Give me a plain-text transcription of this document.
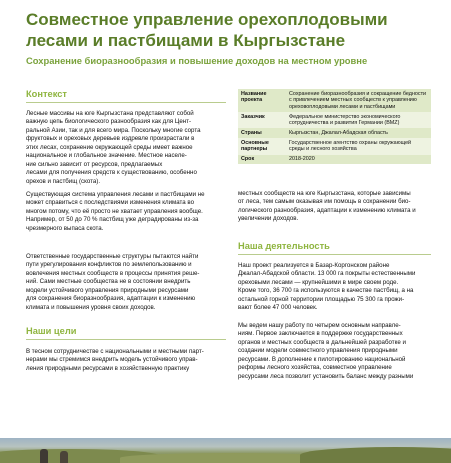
Совместное управление орехоплодовыми
лесами и пастбищами в Кыргызстане

Сохранение биоразнообразия и повышение доходов на местном уровне

Контекст

Лесные массивы на юге Кыргызстана представляют собой
важную цепь биологического разнообразия как для Цент-
ральной Азии, так и для всего мира. Поскольку многие сорта
фруктовых и ореховых деревьев издревле произрастали в
этих лесах, сохранение окружающей среды имеет важное
национальное и глобальное значение. Местное населе-
ние сильно зависит от ресурсов, предлагаемых
лесами для получения средств к существованию, особенно
орехов и пастбищ (скота).

Существующая система управления лесами и пастбищами не
может справиться с последствиями изменения климата во
многом потому, что её просто не хватает управления вообще.
Например, от 50 до 70 % пастбищ уже деградированы из-за
чрезмерного выпаса скота.

Ответственные государственные структуры пытаются найти
пути урегулирования конфликтов по землепользованию и
вовлечения местных сообществ в процессы принятия реше-
ний. Сами местные сообщества не в состоянии внедрить
модели устойчивого управления природными ресурсами
для сохранения биоразнообразия, адаптации к изменению
климата и повышения уровня своих доходов.

Наши цели

В тесном сотрудничестве с национальными и местными парт-
нерами мы стремимся внедрить модель устойчивого управ-
ления природными ресурсами в хозяйственную практику

Название проекта	Сохранение биоразнообразия и сокращение бедности с привлечением местных сообществ к управлению ореховоплодовыми лесами и пастбищами
Заказчик	Федеральное министерство экономического сотрудничества и развития Германии (BMZ)
Страны	Кыргызстан, Джалал-Абадская область
Основные партнеры	Государственное агентство охраны окружающей среды и лесного хозяйства
Срок	2018-2020

местных сообществ на юге Кыргызстана, которые зависимы
от леса, тем самым оказывая им помощь в сохранении био-
логического разнообразия, адаптации к изменению климата и
увеличении доходов.

Наша деятельность

Наш проект реализуется в Базар-Коргонском районе
Джалал-Абадской области. 13 000 га покрыты естественными
ореховыми лесами — крупнейшими в мире своем роде.
Кроме того, 36 700 га используются в качестве пастбищ, а на
остальной горной территории площадью 75 300 га прожи-
вают более 47 000 человек.

Мы ведем нашу работу по четырем основным направле-
ниям. Первое заключается в поддержке государственных
органов и местных сообществ в дальнейшей разработке и
создании модели совместного управления природными
ресурсами. В дополнение к пилотированию национальной
реформы лесного хозяйства, совместное управление
ресурсами леса позволит установить баланс между разными
